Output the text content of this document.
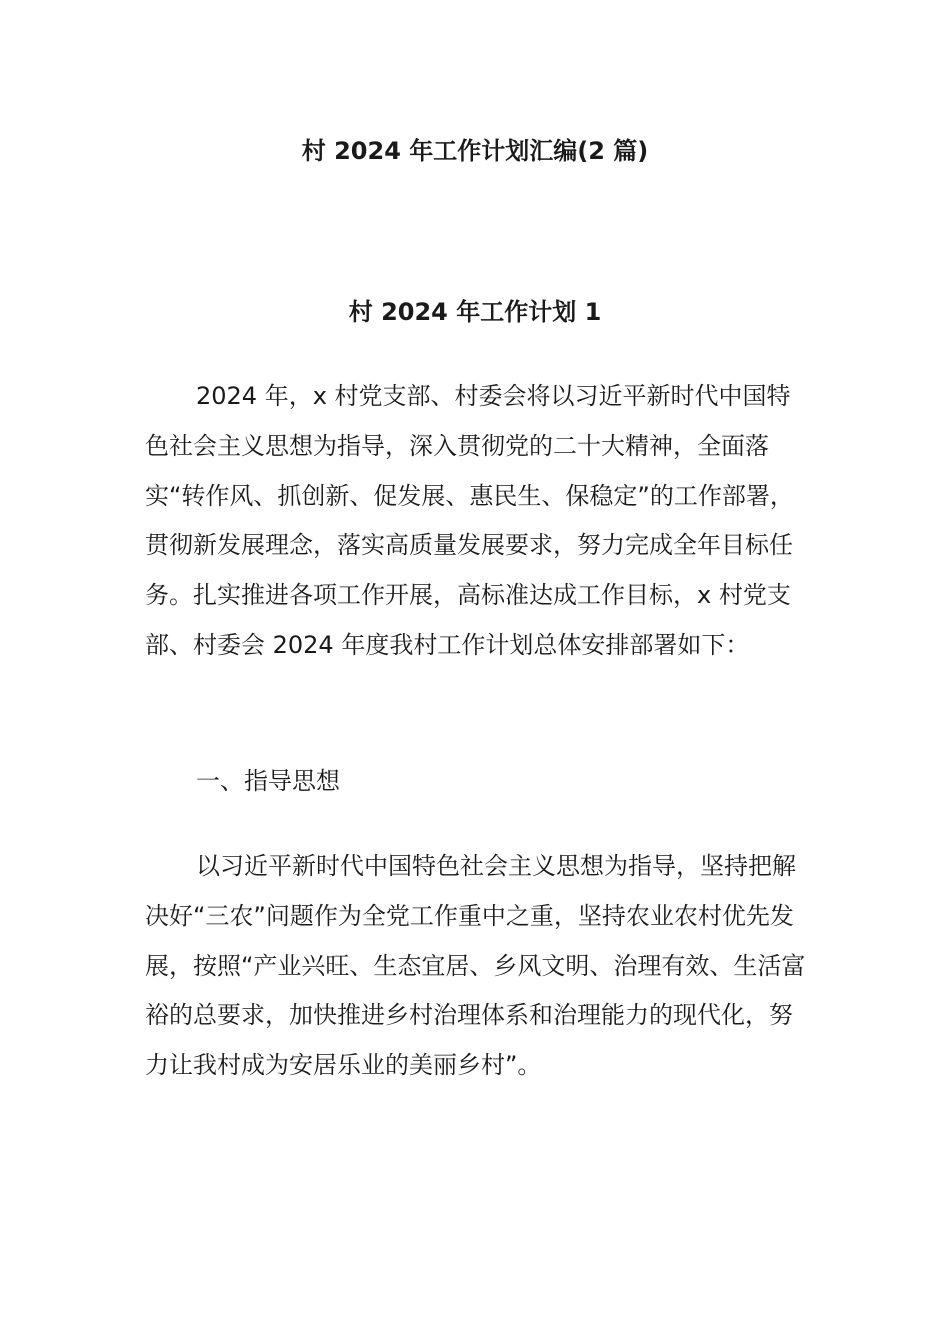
村 2024 年工作计划汇编(2 篇)
村 2024 年工作计划 1

2024 年，x 村党支部、村委会将以习近平新时代中国特色社会主义思想为指导，深入贯彻党的二十大精神，全面落实“转作风、抓创新、促发展、惠民生、保稳定”的工作部署，贯彻新发展理念，落实高质量发展要求，努力完成全年目标任务。扎实推进各项工作开展，高标准达成工作目标，x 村党支部、村委会 2024 年度我村工作计划总体安排部署如下：

一、指导思想

以习近平新时代中国特色社会主义思想为指导，坚持把解决好“三农”问题作为全党工作重中之重，坚持农业农村优先发展，按照“产业兴旺、生态宜居、乡风文明、治理有效、生活富裕的总要求，加快推进乡村治理体系和治理能力的现代化，努力让我村成为安居乐业的美丽乡村”。
